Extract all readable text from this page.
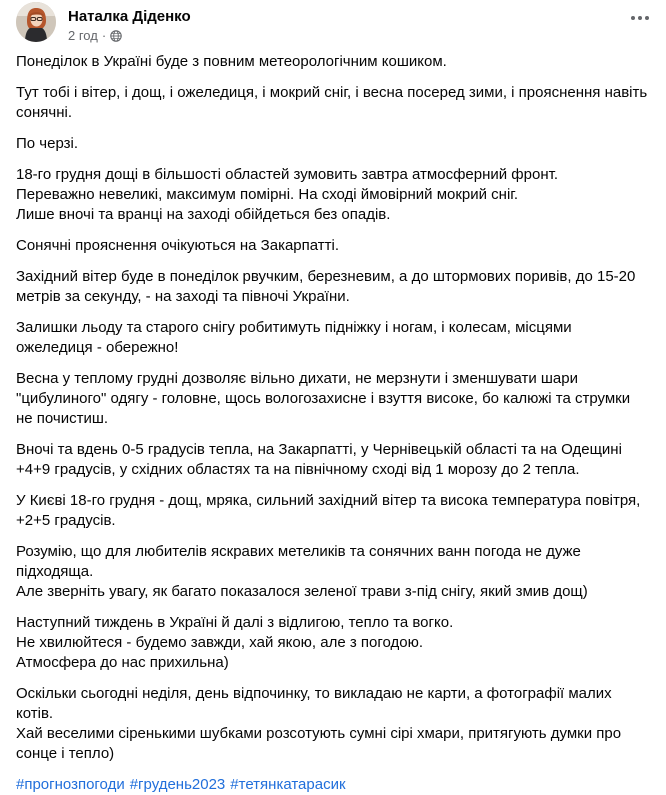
Наталка Діденко
2 год ·

Понеділок в Україні буде з повним метеорологічним кошиком.

Тут тобі і вітер, і дощ, і ожеледиця, і мокрий сніг, і весна посеред зими, і прояснення навіть сонячні.

По черзі.

18-го грудня дощі в більшості областей зумовить завтра атмосферний фронт.
Переважно невеликі, максимум помірні. На сході ймовірний мокрий сніг.
Лише вночі та вранці на заході обійдеться без опадів.

Сонячні прояснення очікуються на Закарпатті.

Західний вітер буде в понеділок рвучким, березневим, а до штормових поривів, до 15-20 метрів за секунду, - на заході та півночі України.

Залишки льоду та старого снігу робитимуть підніжку і ногам, і колесам, місцями ожеледиця - обережно!

Весна у теплому грудні дозволяє вільно дихати, не мерзнути і зменшувати шари "цибулиного" одягу - головне, щось вологозахисне і взуття високе, бо калюжі та струмки не почистиш.

Вночі та вдень 0-5 градусів тепла, на Закарпатті, у Чернівецькій області та на Одещині +4+9 градусів, у східних областях та на північному сході від 1 морозу до 2 тепла.

У Києві 18-го грудня - дощ, мряка, сильний західний вітер та висока температура повітря, +2+5 градусів.

Розумію, що для любителів яскравих метеликів та сонячних ванн погода не дуже підходяща.
Але зверніть увагу, як багато показалося зеленої трави з-під снігу, який змив дощ)

Наступний тиждень в Україні й далі з відлигою, тепло та вогко.
Не хвилюйтеся - будемо завжди, хай якою, але з погодою.
Атмосфера до нас прихильна)

Оскільки сьогодні неділя, день відпочинку, то викладаю не карти, а фотографії малих котів.
Хай веселими сіренькими шубками розсотують сумні сірі хмари, притягують думки про сонце і тепло)

#прогнозпогоди #грудень2023 #тетянкатарасик
